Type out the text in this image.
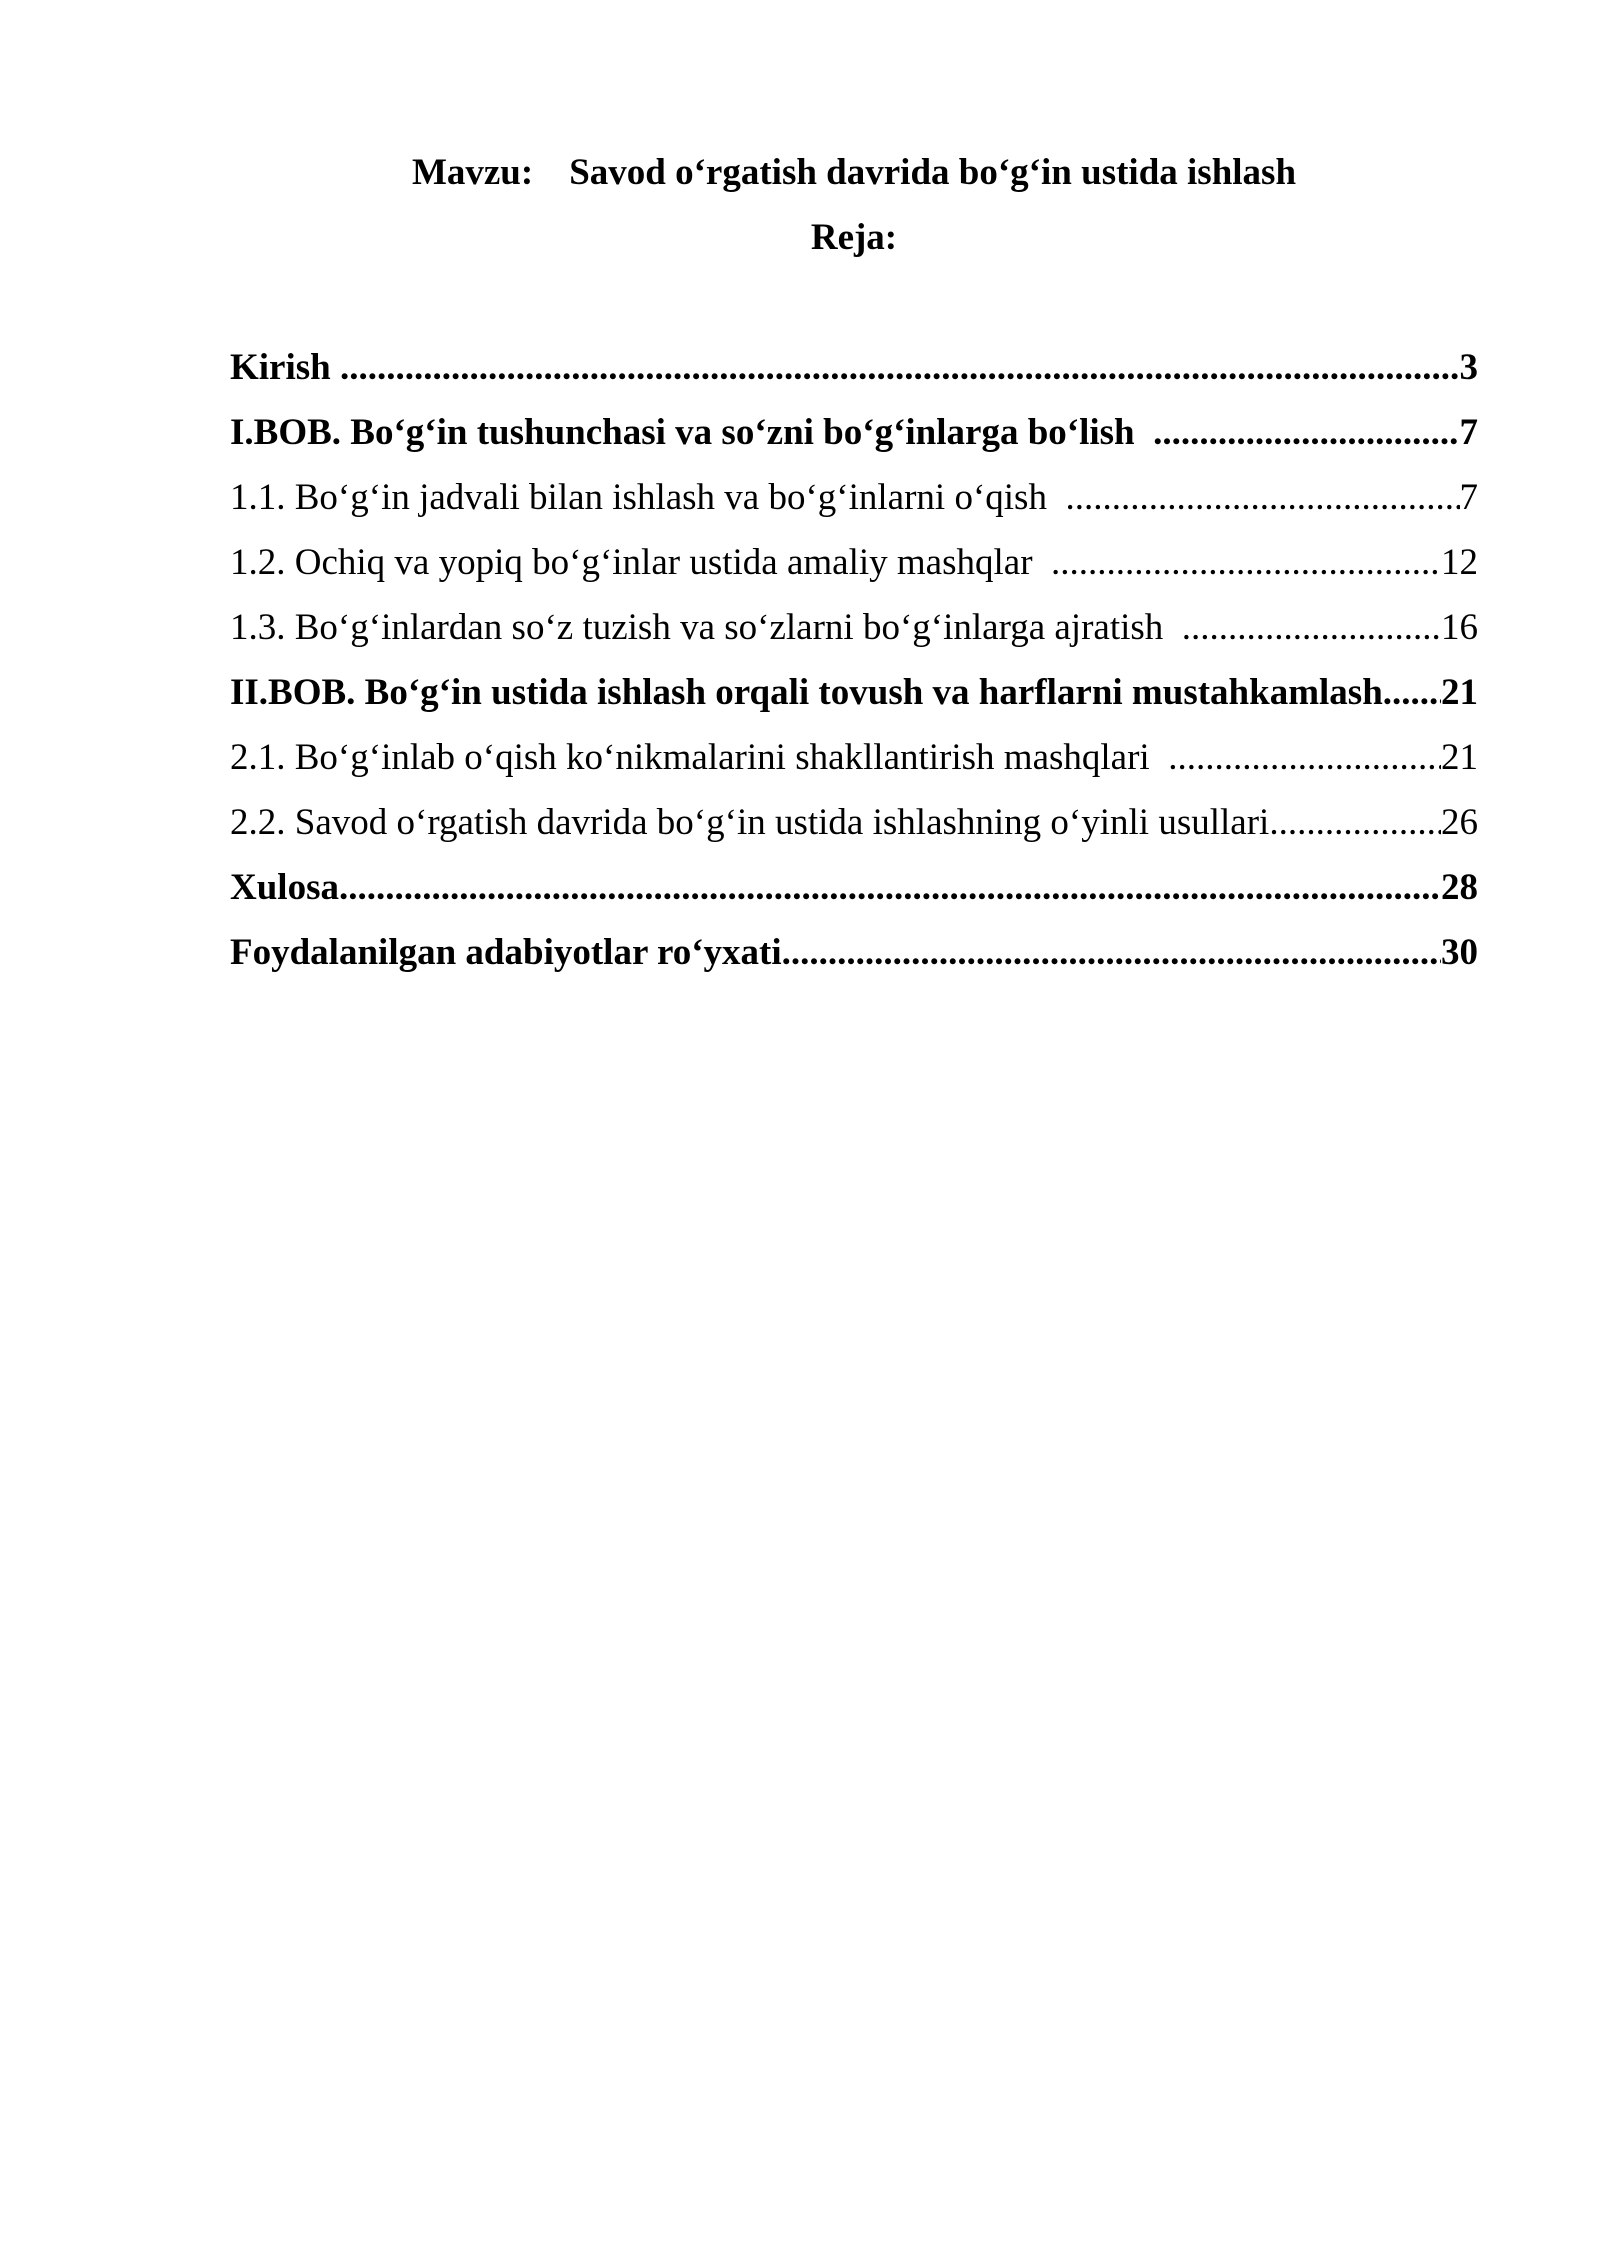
Mavzu: Savod o‘rgatish davrida bo‘g‘in ustida ishlash
Reja:
Kirish .....	3
I.BOB. Bo‘g‘in tushunchasi va so‘zni bo‘g‘inlarga bo‘lish .....	7
1.1. Bo‘g‘in jadvali bilan ishlash va bo‘g‘inlarni o‘qish .....	7
1.2. Ochiq va yopiq bo‘g‘inlar ustida amaliy mashqlar .....	12
1.3. Bo‘g‘inlardan so‘z tuzish va so‘zlarni bo‘g‘inlarga ajratish .....	16
II.BOB. Bo‘g‘in ustida ishlash orqali tovush va harflarni mustahkamlash ..... 21
2.1. Bo‘g‘inlab o‘qish ko‘nikmalarini shakllantirish mashqlari .....	21
2.2. Savod o‘rgatish davrida bo‘g‘in ustida ishlashning o‘yinli usullari .....	26
Xulosa .....	28
Foydalanilgan adabiyotlar ro‘yxati .....	30
